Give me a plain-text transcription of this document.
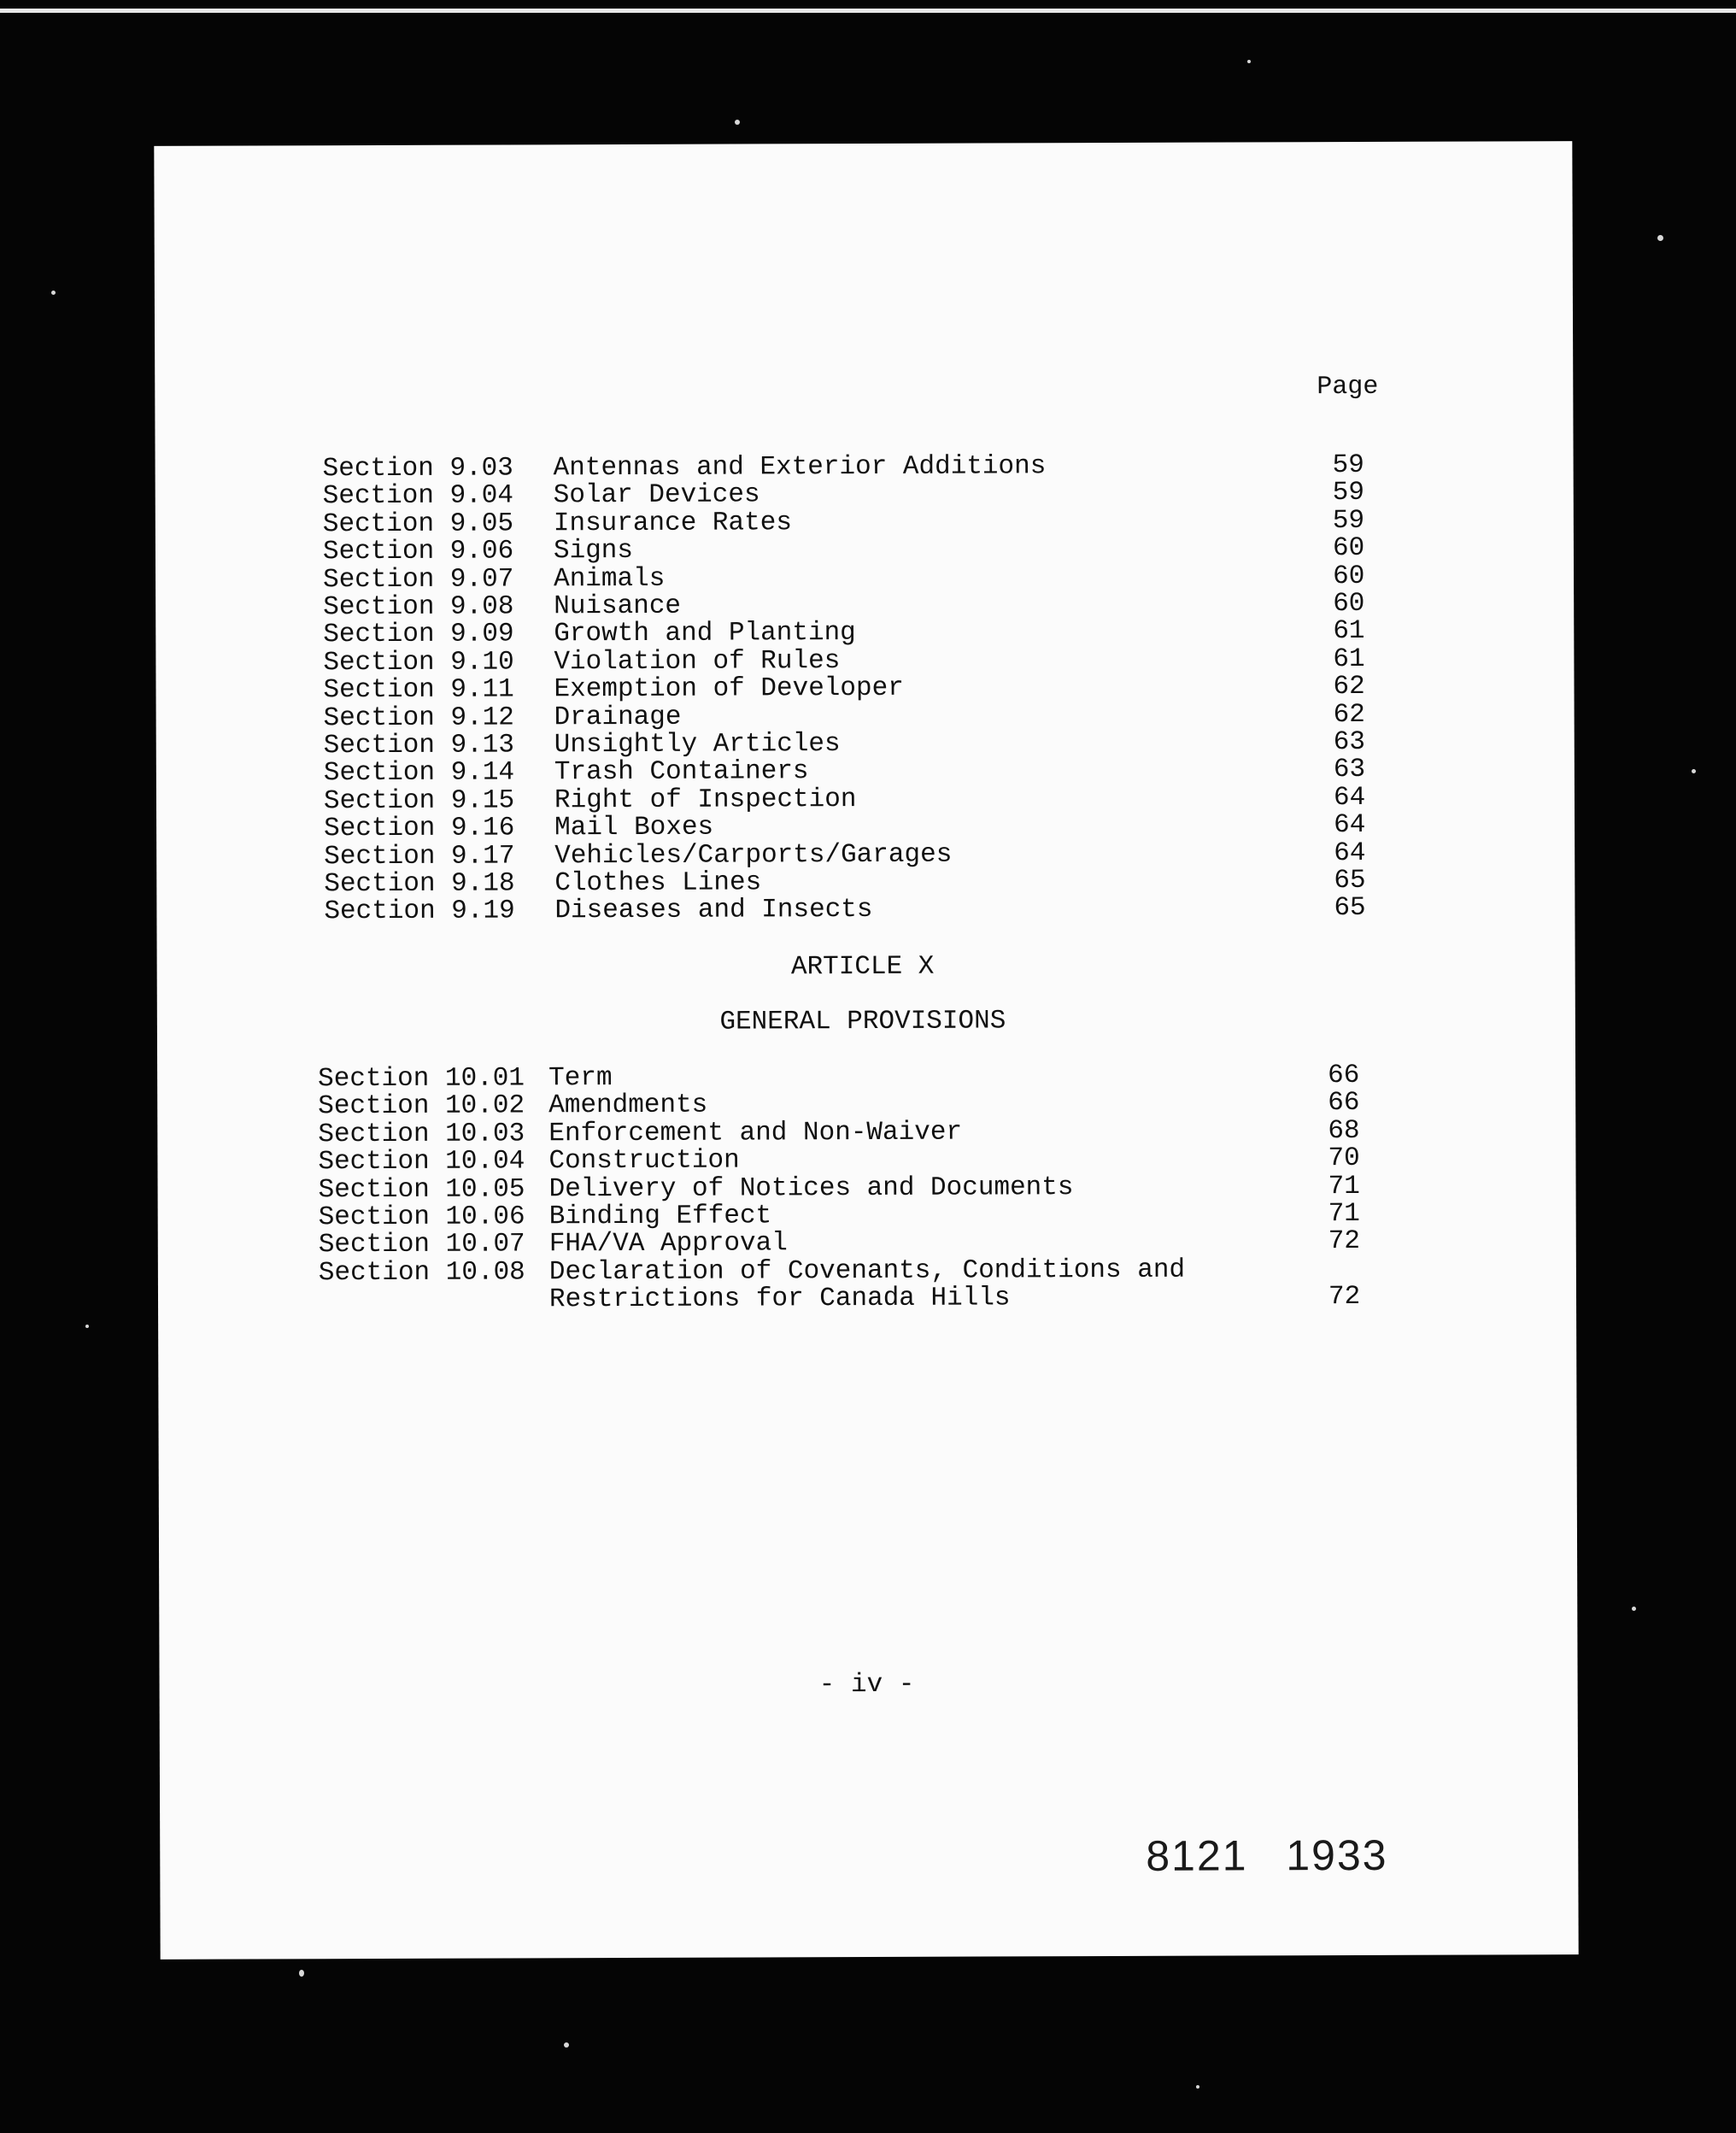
Page
Section 9.03 Antennas and Exterior Additions	59
Section 9.04 Solar Devices	59
Section 9.05 Insurance Rates	59
Section 9.06 Signs	60
Section 9.07 Animals	60
Section 9.08 Nuisance	60
Section 9.09 Growth and Planting	61
Section 9.10 Violation of Rules	61
Section 9.11 Exemption of Developer	62
Section 9.12 Drainage	62
Section 9.13 Unsightly Articles	63
Section 9.14 Trash Containers	63
Section 9.15 Right of Inspection	64
Section 9.16 Mail Boxes	64
Section 9.17 Vehicles/Carports/Garages	64
Section 9.18 Clothes Lines	65
Section 9.19 Diseases and Insects	65
ARTICLE X
GENERAL PROVISIONS
Section 10.01 Term	66
Section 10.02 Amendments	66
Section 10.03 Enforcement and Non-Waiver	68
Section 10.04 Construction	70
Section 10.05 Delivery of Notices and Documents	71
Section 10.06 Binding Effect	71
Section 10.07 FHA/VA Approval	72
Section 10.08 Declaration of Covenants, Conditions and
Restrictions for Canada Hills	72
- iv -
8121 1933
